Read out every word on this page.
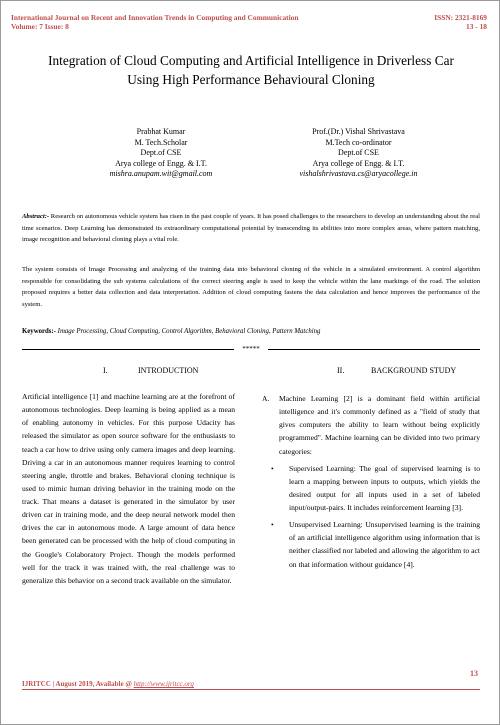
International Journal on Recent and Innovation Trends in Computing and Communication
Volume: 7 Issue: 8
ISSN: 2321-8169
13 - 18
Integration of Cloud Computing and Artificial Intelligence in Driverless Car
Using High Performance Behavioural Cloning
Prabhat Kumar
M. Tech.Scholar
Dept.of CSE
Arya college of Engg. & I.T.
mishra.anupam.wit@gmail.com
Prof.(Dr.) Vishal Shrivastava
M.Tech co-ordinator
Dept.of CSE
Arya college of Engg. & I.T.
vishalshrivastava.cs@aryacollege.in
Abstract:- Research on autonomous vehicle system has risen in the past couple of years. It has posed challenges to the researchers to develop an understanding about the real time scenarios. Deep Learning has demonstrated its extraordinary computational potential by transcending its abilities into more complex areas, where pattern matching, image recognition and behavioral cloning plays a vital role.
The system consists of Image Processing and analyzing of the training data into behavioral cloning of the vehicle in a simulated environment. A control algorithm responsible for consolidating the sub systems calculations of the correct steering angle is used to keep the vehicle within the lane markings of the road. The solution proposed requires a better data collection and data interpretation. Addition of cloud computing fastens the data calculation and hence improves the performance of the system.
Keywords:- Image Processing, Cloud Computing, Control Algorithm, Behavioral Cloning, Pattern Matching
*****
I.	INTRODUCTION	II.	BACKGROUND STUDY
Artificial intelligence [1] and machine learning are at the forefront of autonomous technologies. Deep learning is being applied as a mean of enabling autonomy in vehicles. For this purpose Udacity has released the simulator as open source software for the enthusiasts to teach a car how to drive using only camera images and deep learning. Driving a car in an autonomous manner requires learning to control steering angle, throttle and brakes. Behavioral cloning technique is used to mimic human driving behavior in the training mode on the track. That means a dataset is generated in the simulator by user driven car in training mode, and the deep neural network model then drives the car in autonomous mode. A large amount of data hence been generated can be processed with the help of cloud computing in the Google's Colaboratory Project. Though the models performed well for the track it was trained with, the real challenge was to generalize this behavior on a second track available on the simulator.
A. Machine Learning [2] is a dominant field within artificial intelligence and it's commonly defined as a "field of study that gives computers the ability to learn without being explicitly programmed". Machine learning can be divided into two primary categories:
• Supervised Learning: The goal of supervised learning is to learn a mapping between inputs to outputs, which yields the desired output for all inputs used in a set of labeled input/output-pairs. It includes reinforcement learning [3].
• Unsupervised Learning: Unsupervised learning is the training of an artificial intelligence algorithm using information that is neither classified nor labeled and allowing the algorithm to act on that information without guidance [4].
13
IJRITCC | August 2019, Available @ http://www.ijritcc.org
